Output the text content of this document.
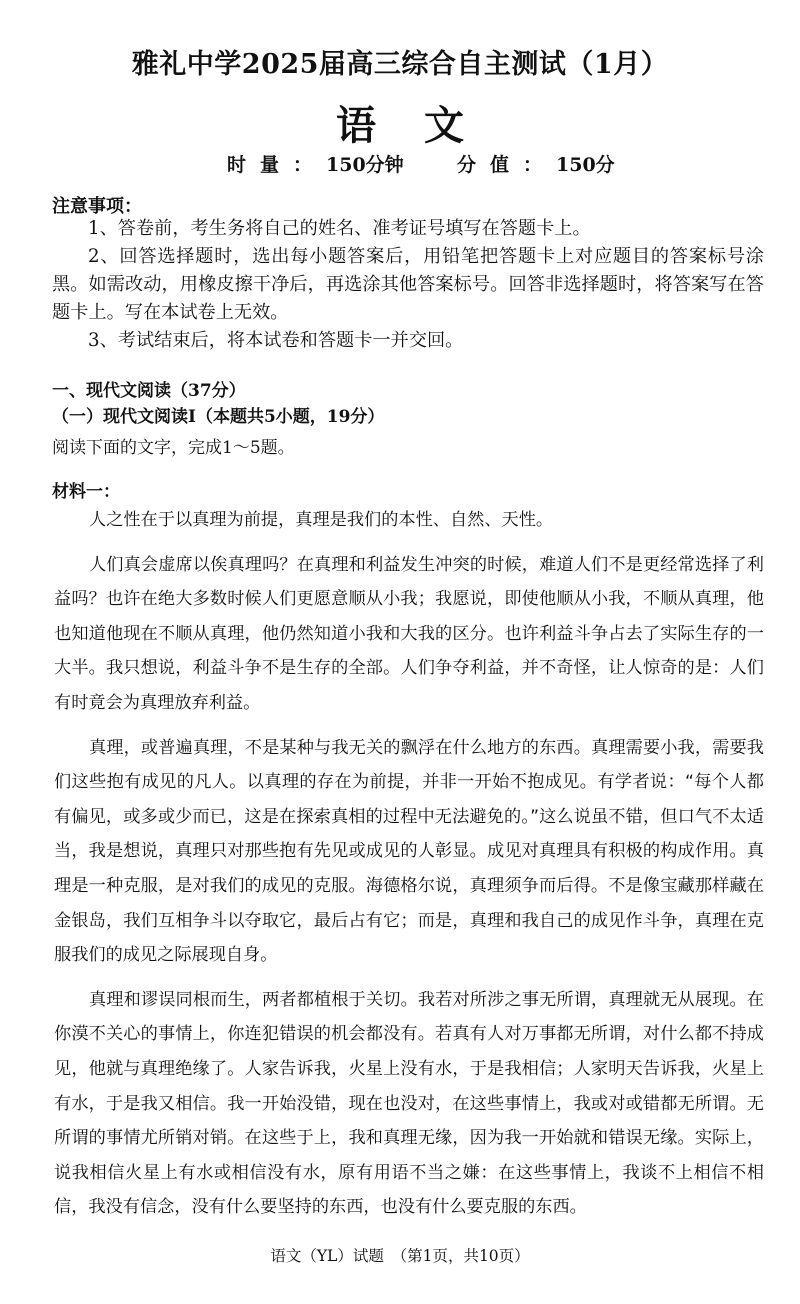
雅礼中学2025届高三综合自主测试（1月）
语文
时量：150分钟	分值：150分
注意事项：

1、答卷前，考生务将自己的姓名、准考证号填写在答题卡上。

2、回答选择题时，选出每小题答案后，用铅笔把答题卡上对应题目的答案标号涂黑。如需改动，用橡皮擦干净后，再选涂其他答案标号。回答非选择题时，将答案写在答题卡上。写在本试卷上无效。

3、考试结束后，将本试卷和答题卡一并交回。

一、现代文阅读（37分）
（一）现代文阅读Ⅰ（本题共5小题，19分）
阅读下面的文字，完成1～5题。
材料一：

人之性在于以真理为前提，真理是我们的本性、自然、天性。

人们真会虚席以俟真理吗？在真理和利益发生冲突的时候，难道人们不是更经常选择了利益吗？也许在绝大多数时候人们更愿意顺从小我；我愿说，即使他顺从小我，不顺从真理，他也知道他现在不顺从真理，他仍然知道小我和大我的区分。也许利益斗争占去了实际生存的一大半。我只想说，利益斗争不是生存的全部。人们争夺利益，并不奇怪，让人惊奇的是：人们有时竟会为真理放弃利益。

真理，或普遍真理，不是某种与我无关的飘浮在什么地方的东西。真理需要小我，需要我们这些抱有成见的凡人。以真理的存在为前提，并非一开始不抱成见。有学者说：“每个人都有偏见，或多或少而已，这是在探索真相的过程中无法避免的。”这么说虽不错，但口气不太适当，我是想说，真理只对那些抱有先见或成见的人彰显。成见对真理具有积极的构成作用。真理是一种克服，是对我们的成见的克服。海德格尔说，真理须争而后得。不是像宝藏那样藏在金银岛，我们互相争斗以夺取它，最后占有它；而是，真理和我自己的成见作斗争，真理在克服我们的成见之际展现自身。

真理和谬误同根而生，两者都植根于关切。我若对所涉之事无所谓，真理就无从展现。在你漠不关心的事情上，你连犯错误的机会都没有。若真有人对万事都无所谓，对什么都不持成见，他就与真理绝缘了。人家告诉我，火星上没有水，于是我相信；人家明天告诉我，火星上有水，于是我又相信。我一开始没错，现在也没对，在这些事情上，我或对或错都无所谓。无所谓的事情尤所销对销。在这些于上，我和真理无缘，因为我一开始就和错误无缘。实际上，说我相信火星上有水或相信没有水，原有用语不当之嫌：在这些事情上，我谈不上相信不相信，我没有信念，没有什么要坚持的东西，也没有什么要克服的东西。

语文（YL）试题　（第1页，共10页）
